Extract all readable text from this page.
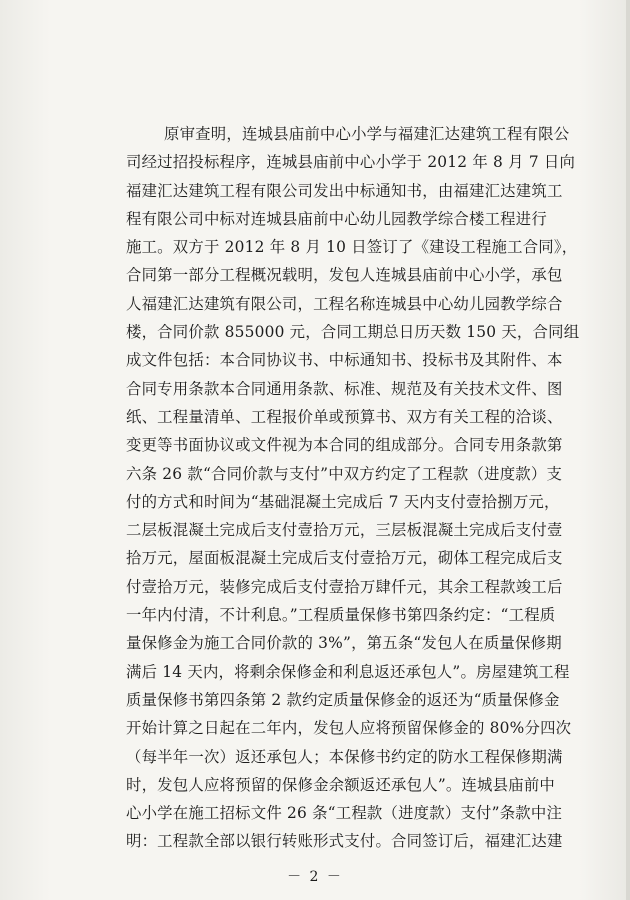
原审查明，连城县庙前中心小学与福建汇达建筑工程有限公
司经过招投标程序，连城县庙前中心小学于 2012 年 8 月 7 日向
福建汇达建筑工程有限公司发出中标通知书，由福建汇达建筑工
程有限公司中标对连城县庙前中心幼儿园教学综合楼工程进行
施工。双方于 2012 年 8 月 10 日签订了《建设工程施工合同》，
合同第一部分工程概况载明，发包人连城县庙前中心小学，承包
人福建汇达建筑有限公司，工程名称连城县中心幼儿园教学综合
楼，合同价款 855000 元，合同工期总日历天数 150 天，合同组
成文件包括：本合同协议书、中标通知书、投标书及其附件、本
合同专用条款本合同通用条款、标准、规范及有关技术文件、图
纸、工程量清单、工程报价单或预算书、双方有关工程的洽谈、
变更等书面协议或文件视为本合同的组成部分。合同专用条款第
六条 26 款“合同价款与支付”中双方约定了工程款（进度款）支
付的方式和时间为“基础混凝土完成后 7 天内支付壹拾捌万元，
二层板混凝土完成后支付壹拾万元，三层板混凝土完成后支付壹
拾万元，屋面板混凝土完成后支付壹拾万元，砌体工程完成后支
付壹拾万元，装修完成后支付壹拾万肆仟元，其余工程款竣工后
一年内付清，不计利息。”工程质量保修书第四条约定：“工程质
量保修金为施工合同价款的 3%”，第五条“发包人在质量保修期
满后 14 天内，将剩余保修金和利息返还承包人”。房屋建筑工程
质量保修书第四条第 2 款约定质量保修金的返还为“质量保修金
开始计算之日起在二年内，发包人应将预留保修金的 80%分四次
（每半年一次）返还承包人；本保修书约定的防水工程保修期满
时，发包人应将预留的保修金余额返还承包人”。连城县庙前中
心小学在施工招标文件 26 条“工程款（进度款）支付”条款中注
明：工程款全部以银行转账形式支付。合同签订后，福建汇达建
－ 2 －
